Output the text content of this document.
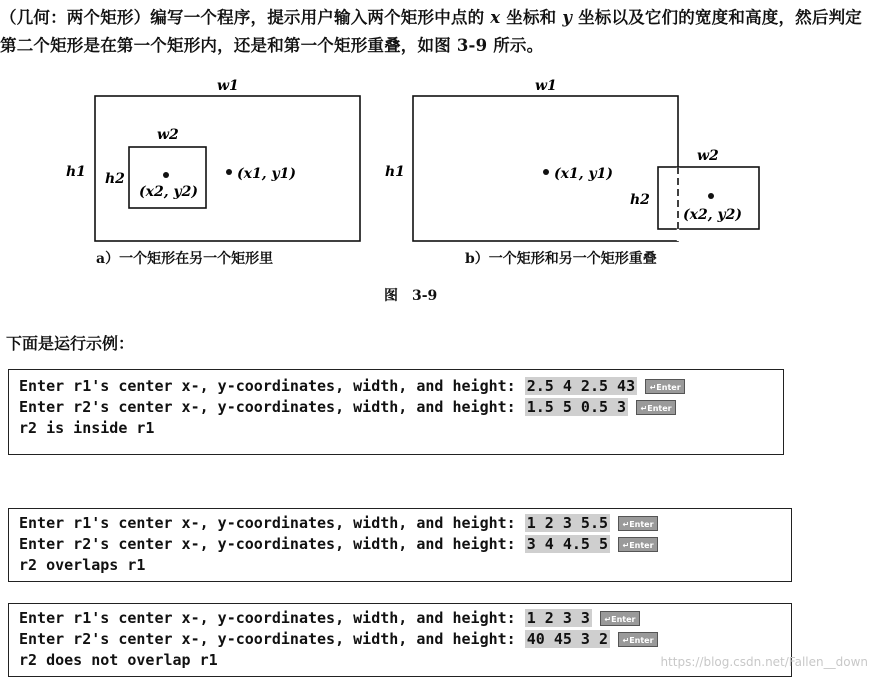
（几何：两个矩形）编写一个程序，提示用户输入两个矩形中点的 x 坐标和 y 坐标以及它们的宽度和高度，然后判定第二个矩形是在第一个矩形内，还是和第一个矩形重叠，如图 3-9 所示。
w1
h1
w2
h2	(x1, y1)
(x2, y2)
w1
h1
w2
h2
(x1, y1)
(x2, y2)
a）一个矩形在另一个矩形里	b）一个矩形和另一个矩形重叠
图　3-9
下面是运行示例：
Enter r1's center x-, y-coordinates, width, and height: 2.5 4 2.5 43 ↵Enter
Enter r2's center x-, y-coordinates, width, and height: 1.5 5 0.5 3 ↵Enter
r2 is inside r1
Enter r1's center x-, y-coordinates, width, and height: 1 2 3 5.5 ↵Enter
Enter r2's center x-, y-coordinates, width, and height: 3 4 4.5 5 ↵Enter
r2 overlaps r1
Enter r1's center x-, y-coordinates, width, and height: 1 2 3 3 ↵Enter
Enter r2's center x-, y-coordinates, width, and height: 40 45 3 2 ↵Enter
r2 does not overlap r1	https://blog.csdn.net/Fallen__down
